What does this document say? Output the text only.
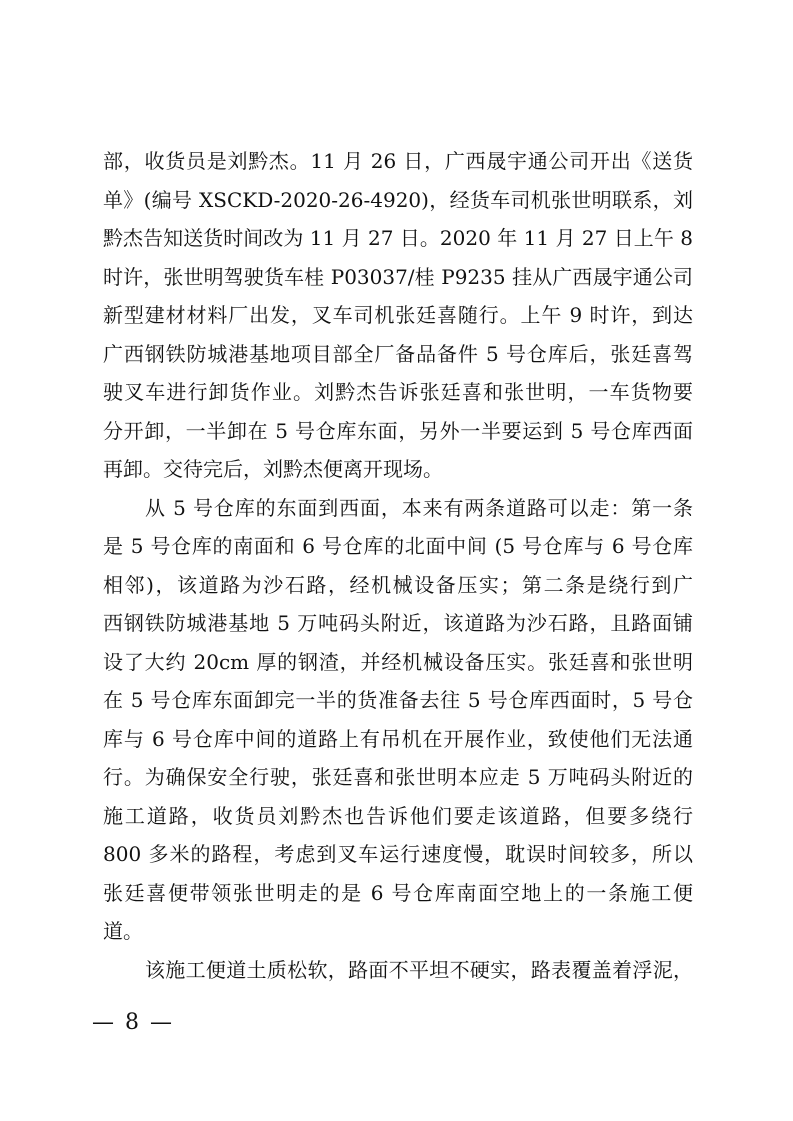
部，收货员是刘黔杰。11 月 26 日，广西晟宇通公司开出《送货
单》(编号 XSCKD-2020-26-4920)，经货车司机张世明联系，刘
黔杰告知送货时间改为 11 月 27 日。2020 年 11 月 27 日上午 8
时许，张世明驾驶货车桂 P03037/桂 P9235 挂从广西晟宇通公司
新型建材材料厂出发，叉车司机张廷喜随行。上午 9 时许，到达
广西钢铁防城港基地项目部全厂备品备件 5 号仓库后，张廷喜驾
驶叉车进行卸货作业。刘黔杰告诉张廷喜和张世明，一车货物要
分开卸，一半卸在 5 号仓库东面，另外一半要运到 5 号仓库西面
再卸。交待完后，刘黔杰便离开现场。
从 5 号仓库的东面到西面，本来有两条道路可以走：第一条
是 5 号仓库的南面和 6 号仓库的北面中间 (5 号仓库与 6 号仓库
相邻)，该道路为沙石路，经机械设备压实；第二条是绕行到广
西钢铁防城港基地 5 万吨码头附近，该道路为沙石路，且路面铺
设了大约 20cm 厚的钢渣，并经机械设备压实。张廷喜和张世明
在 5 号仓库东面卸完一半的货准备去往 5 号仓库西面时，5 号仓
库与 6 号仓库中间的道路上有吊机在开展作业，致使他们无法通
行。为确保安全行驶，张廷喜和张世明本应走 5 万吨码头附近的
施工道路，收货员刘黔杰也告诉他们要走该道路，但要多绕行
800 多米的路程，考虑到叉车运行速度慢，耽误时间较多，所以
张廷喜便带领张世明走的是 6 号仓库南面空地上的一条施工便
道。
该施工便道土质松软，路面不平坦不硬实，路表覆盖着浮泥，
— 8 —
